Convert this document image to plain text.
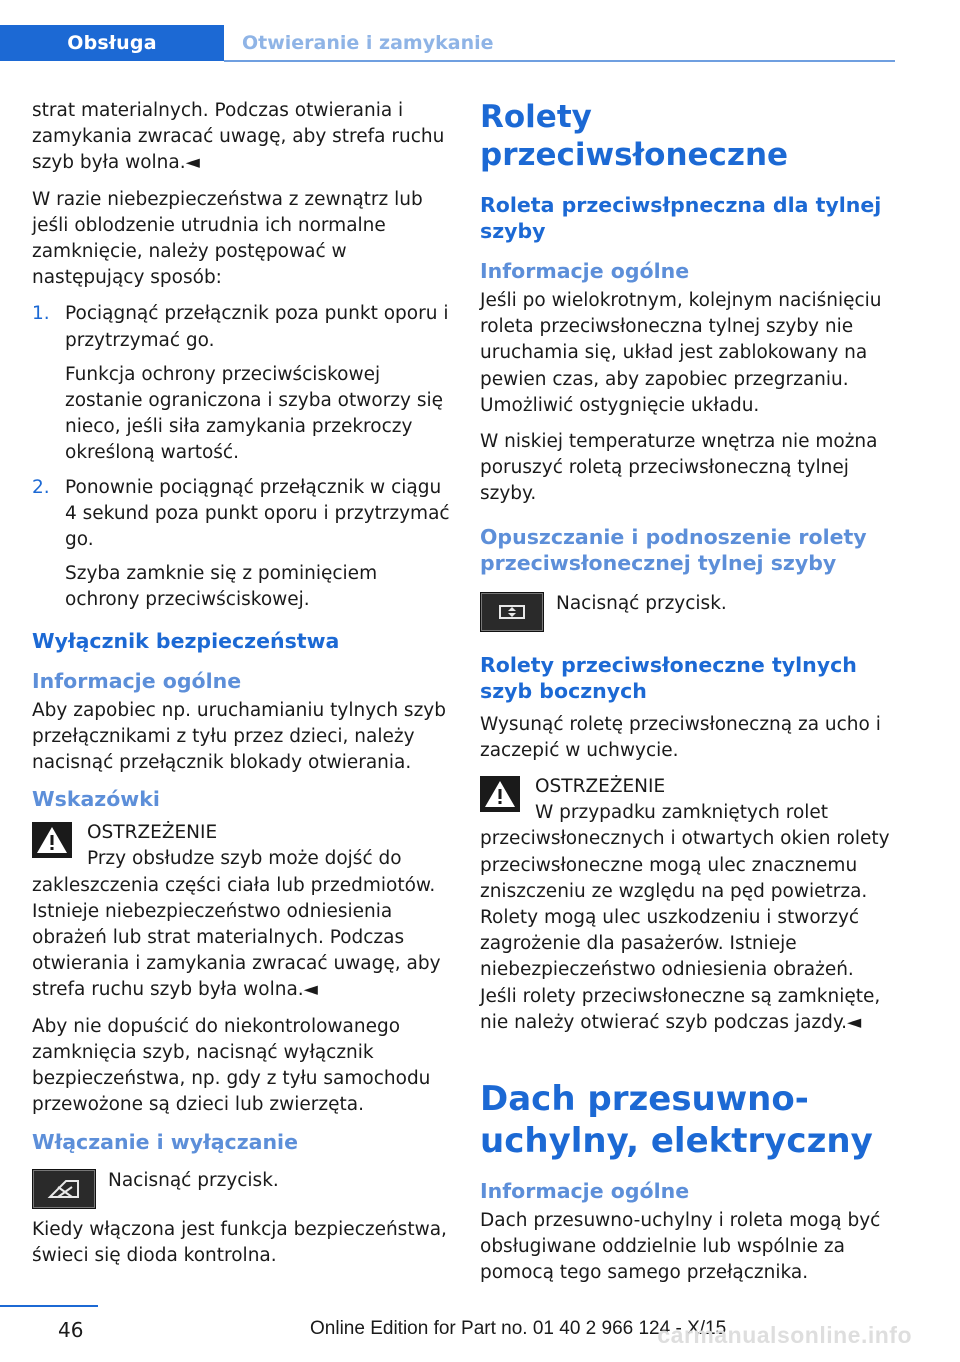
Obsługa	Otwieranie i zamykanie

strat materialnych. Podczas otwierania i zamykania zwracać uwagę, aby strefa ruchu szyb była wolna.◄

W razie niebezpieczeństwa z zewnątrz lub jeśli oblodzenie utrudnia ich normalne zamknięcie, należy postępować w następujący sposób:

1. Pociągnąć przełącznik poza punkt oporu i przytrzymać go.

Funkcja ochrony przeciwściskowej zostanie ograniczona i szyba otworzy się nieco, jeśli siła zamykania przekroczy określoną wartość.

2. Ponownie pociągnąć przełącznik w ciągu 4 sekund poza punkt oporu i przytrzymać go.

Szyba zamknie się z pominięciem ochrony przeciwściskowej.

Wyłącznik bezpieczeństwa
Informacje ogólne

Aby zapobiec np. uruchamianiu tylnych szyb przełącznikami z tyłu przez dzieci, należy nacisnąć przełącznik blokady otwierania.

Wskazówki

OSTRZEŻENIE

Przy obsłudze szyb może dojść do zakleszczenia części ciała lub przedmiotów. Istnieje niebezpieczeństwo odniesienia obrażeń lub strat materialnych. Podczas otwierania i zamykania zwracać uwagę, aby strefa ruchu szyb była wolna.◄

Aby nie dopuścić do niekontrolowanego zamknięcia szyb, nacisnąć wyłącznik bezpieczeństwa, np. gdy z tyłu samochodu przewożone są dzieci lub zwierzęta.

Włączanie i wyłączanie
Nacisnąć przycisk.

Kiedy włączona jest funkcja bezpieczeństwa, świeci się dioda kontrolna.

Rolety przeciwsłoneczne
Roleta przeciwsłpneczna dla tylnej szyby
Informacje ogólne

Jeśli po wielokrotnym, kolejnym naciśnięciu roleta przeciwsłoneczna tylnej szyby nie uruchamia się, układ jest zablokowany na pewien czas, aby zapobiec przegrzaniu. Umożliwić ostygnięcie układu.

W niskiej temperaturze wnętrza nie można poruszyć roletą przeciwsłoneczną tylnej szyby.

Opuszczanie i podnoszenie rolety przeciwsłonecznej tylnej szyby
Nacisnąć przycisk.
Rolety przeciwsłoneczne tylnych szyb bocznych

Wysunąć roletę przeciwsłoneczną za ucho i zaczepić w uchwycie.

OSTRZEŻENIE

W przypadku zamkniętych rolet przeciwsłonecznych i otwartych okien rolety przeciwsłoneczne mogą ulec znacznemu zniszczeniu ze względu na pęd powietrza. Rolety mogą ulec uszkodzeniu i stworzyć zagrożenie dla pasażerów. Istnieje niebezpieczeństwo odniesienia obrażeń. Jeśli rolety przeciwsłoneczne są zamknięte, nie należy otwierać szyb podczas jazdy.◄

Dach przesuwno-uchylny, elektryczny
Informacje ogólne

Dach przesuwno-uchylny i roleta mogą być obsługiwane oddzielnie lub wspólnie za pomocą tego samego przełącznika.

46	Online Edition for Part no. 01 40 2 966 124 - X/15
carmanualsonline.info
